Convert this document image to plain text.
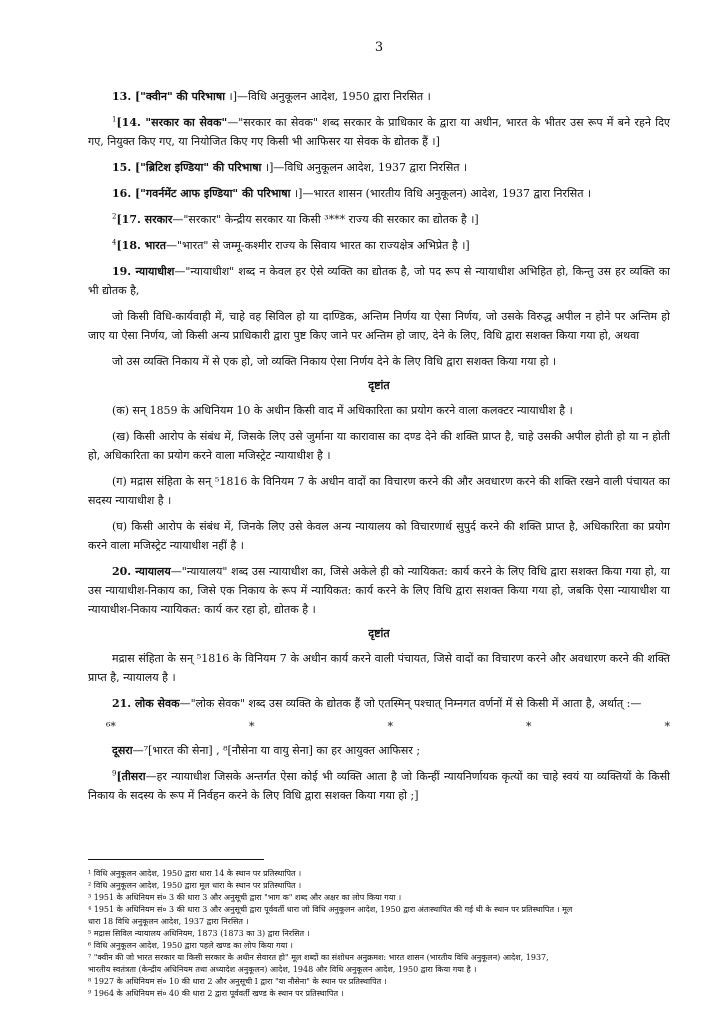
3

13. ["क्वीन" की परिभाषा ।]—विधि अनुकूलन आदेश, 1950 द्वारा निरसित ।

$^1$[14. "सरकार का सेवक"—"सरकार का सेवक" शब्द सरकार के प्राधिकार के द्वारा या अधीन, भारत के भीतर उस रूप में बने रहने दिए गए, नियुक्त किए गए, या नियोजित किए गए किसी भी आफिसर या सेवक के द्योतक हैं ।]

15. ["ब्रिटिश इण्डिया" की परिभाषा ।]—विधि अनुकूलन आदेश, 1937 द्वारा निरसित ।

16. ["गवर्नमेंट आफ इण्डिया" की परिभाषा ।]—भारत शासन (भारतीय विधि अनुकूलन) आदेश, 1937 द्वारा निरसित ।

$^2$[17. सरकार—"सरकार" केन्द्रीय सरकार या किसी ³*** राज्य की सरकार का द्योतक है ।]

$^4$[18. भारत—"भारत" से जम्मू-कश्मीर राज्य के सिवाय भारत का राज्यक्षेत्र अभिप्रेत है ।]

19. न्यायाधीश—"न्यायाधीश" शब्द न केवल हर ऐसे व्यक्ति का द्योतक है, जो पद रूप से न्यायाधीश अभिहित हो, किन्तु उस हर व्यक्ति का भी द्योतक है,

जो किसी विधि-कार्यवाही में, चाहे वह सिविल हो या दाण्डिक, अन्तिम निर्णय या ऐसा निर्णय, जो उसके विरुद्ध अपील न होने पर अन्तिम हो जाए या ऐसा निर्णय, जो किसी अन्य प्राधिकारी द्वारा पुष्ट किए जाने पर अन्तिम हो जाए, देने के लिए, विधि द्वारा सशक्त किया गया हो, अथवा

जो उस व्यक्ति निकाय में से एक हो, जो व्यक्ति निकाय ऐसा निर्णय देने के लिए विधि द्वारा सशक्त किया गया हो ।

दृष्टांत

(क) सन् 1859 के अधिनियम 10 के अधीन किसी वाद में अधिकारिता का प्रयोग करने वाला कलक्टर न्यायाधीश है ।

(ख) किसी आरोप के संबंध में, जिसके लिए उसे जुर्माना या कारावास का दण्ड देने की शक्ति प्राप्त है, चाहे उसकी अपील होती हो या न होती हो, अधिकारिता का प्रयोग करने वाला मजिस्ट्रेट न्यायाधीश है ।

(ग) मद्रास संहिता के सन् ⁵1816 के विनियम 7 के अधीन वादों का विचारण करने की और अवधारण करने की शक्ति रखने वाली पंचायत का सदस्य न्यायाधीश है ।

(घ) किसी आरोप के संबंध में, जिनके लिए उसे केवल अन्य न्यायालय को विचारणार्थ सुपुर्द करने की शक्ति प्राप्त है, अधिकारिता का प्रयोग करने वाला मजिस्ट्रेट न्यायाधीश नहीं है ।

20. न्यायालय—"न्यायालय" शब्द उस न्यायाधीश का, जिसे अकेले ही को न्यायिकत: कार्य करने के लिए विधि द्वारा सशक्त किया गया हो, या उस न्यायाधीश-निकाय का, जिसे एक निकाय के रूप में न्यायिकत: कार्य करने के लिए विधि द्वारा सशक्त किया गया हो, जबकि ऐसा न्यायाधीश या न्यायाधीश-निकाय न्यायिकत: कार्य कर रहा हो, द्योतक है ।

दृष्टांत

मद्रास संहिता के सन् ⁵1816 के विनियम 7 के अधीन कार्य करने वाली पंचायत, जिसे वादों का विचारण करने और अवधारण करने की शक्ति प्राप्त है, न्यायालय है ।

21. लोक सेवक—"लोक सेवक" शब्द उस व्यक्ति के द्योतक हैं जो एतस्मिन् पश्चात् निम्नगत वर्णनों में से किसी में आता है, अर्थात् :—

⁶*	*	*	*	*

दूसरा—⁷[भारत की सेना] , ⁸[नौसेना या वायु सेना] का हर आयुक्त आफिसर ;

$^9$[तीसरा—हर न्यायाधीश जिसके अन्तर्गत ऐसा कोई भी व्यक्ति आता है जो किन्हीं न्यायनिर्णायक कृत्यों का चाहे स्वयं या व्यक्तियों के किसी निकाय के सदस्य के रूप में निर्वहन करने के लिए विधि द्वारा सशक्त किया गया हो ;]

¹ विधि अनुकूलन आदेश, 1950 द्वारा धारा 14 के स्थान पर प्रतिस्थापित ।

² विधि अनुकूलन आदेश, 1950 द्वारा मूल धारा के स्थान पर प्रतिस्थापित ।

³ 1951 के अधिनियम सं० 3 की धारा 3 और अनुसूची द्वारा "भाग क" शब्द और अक्षर का लोप किया गया ।

⁴ 1951 के अधिनियम सं० 3 की धारा 3 और अनुसूची द्वारा पूर्ववर्ती धारा जो विधि अनुकूलन आदेश, 1950 द्वारा अंतःस्थापित की गई थी के स्थान पर प्रतिस्थापित । मूल

धारा 18 विधि अनुकूलन आदेश, 1937 द्वारा निरसित ।

⁵ मद्रास सिविल न्यायालय अधिनियम, 1873 (1873 का 3) द्वारा निरसित ।

⁶ विधि अनुकूलन आदेश, 1950 द्वारा पहले खण्ड का लोप किया गया ।

⁷ "क्वीन की जो भारत सरकार या किसी सरकार के अधीन सेवारत हो" मूल शब्दों का संशोधन अनुक्रमश: भारत शासन (भारतीय विधि अनुकूलन) आदेश, 1937,

भारतीय स्वतंत्रता (केन्द्रीय अधिनियम तथा अध्यादेश अनुकूलन) आदेश, 1948 और विधि अनुकूलन आदेश, 1950 द्वारा किया गया है ।

⁸ 1927 के अधिनियम सं० 10 की धारा 2 और अनुसूची I द्वारा "या नौसेना" के स्थान पर प्रतिस्थापित ।

⁹ 1964 के अधिनियम सं० 40 की धारा 2 द्वारा पूर्ववर्ती खण्ड के स्थान पर प्रतिस्थापित ।
